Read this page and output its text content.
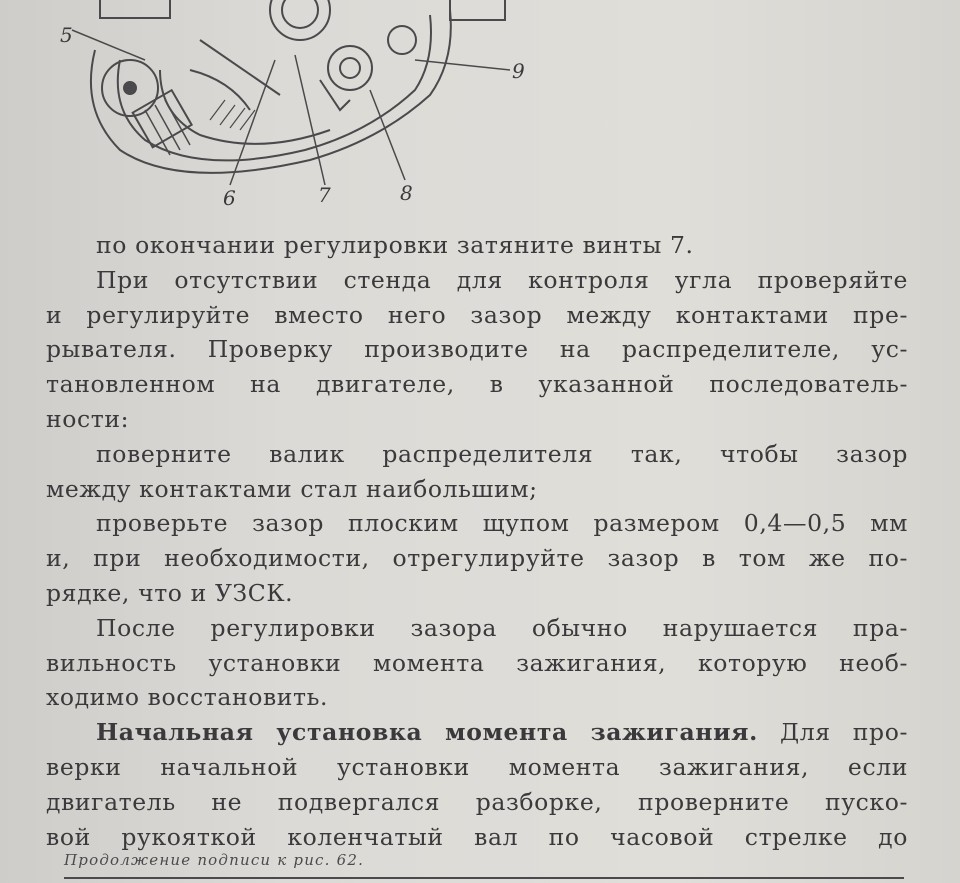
5
9
6	7	8
по окончании регулировки затяните винты 7.
При отсутствии стенда для контроля угла проверяйте
и регулируйте вместо него зазор между контактами пре-
рывателя. Проверку производите на распределителе, ус-
тановленном на двигателе, в указанной последователь-
ности:
поверните валик распределителя так, чтобы зазор
между контактами стал наибольшим;
проверьте зазор плоским щупом размером 0,4—0,5 мм
и, при необходимости, отрегулируйте зазор в том же по-
рядке, что и УЗСК.
После регулировки зазора обычно нарушается пра-
вильность установки момента зажигания, которую необ-
ходимо восстановить.
Начальная установка момента зажигания. Для про-
верки начальной установки момента зажигания, если
двигатель не подвергался разборке, проверните пуско-
вой рукояткой коленчатый вал по часовой стрелке до
Продолжение подписи к рис. 62.
